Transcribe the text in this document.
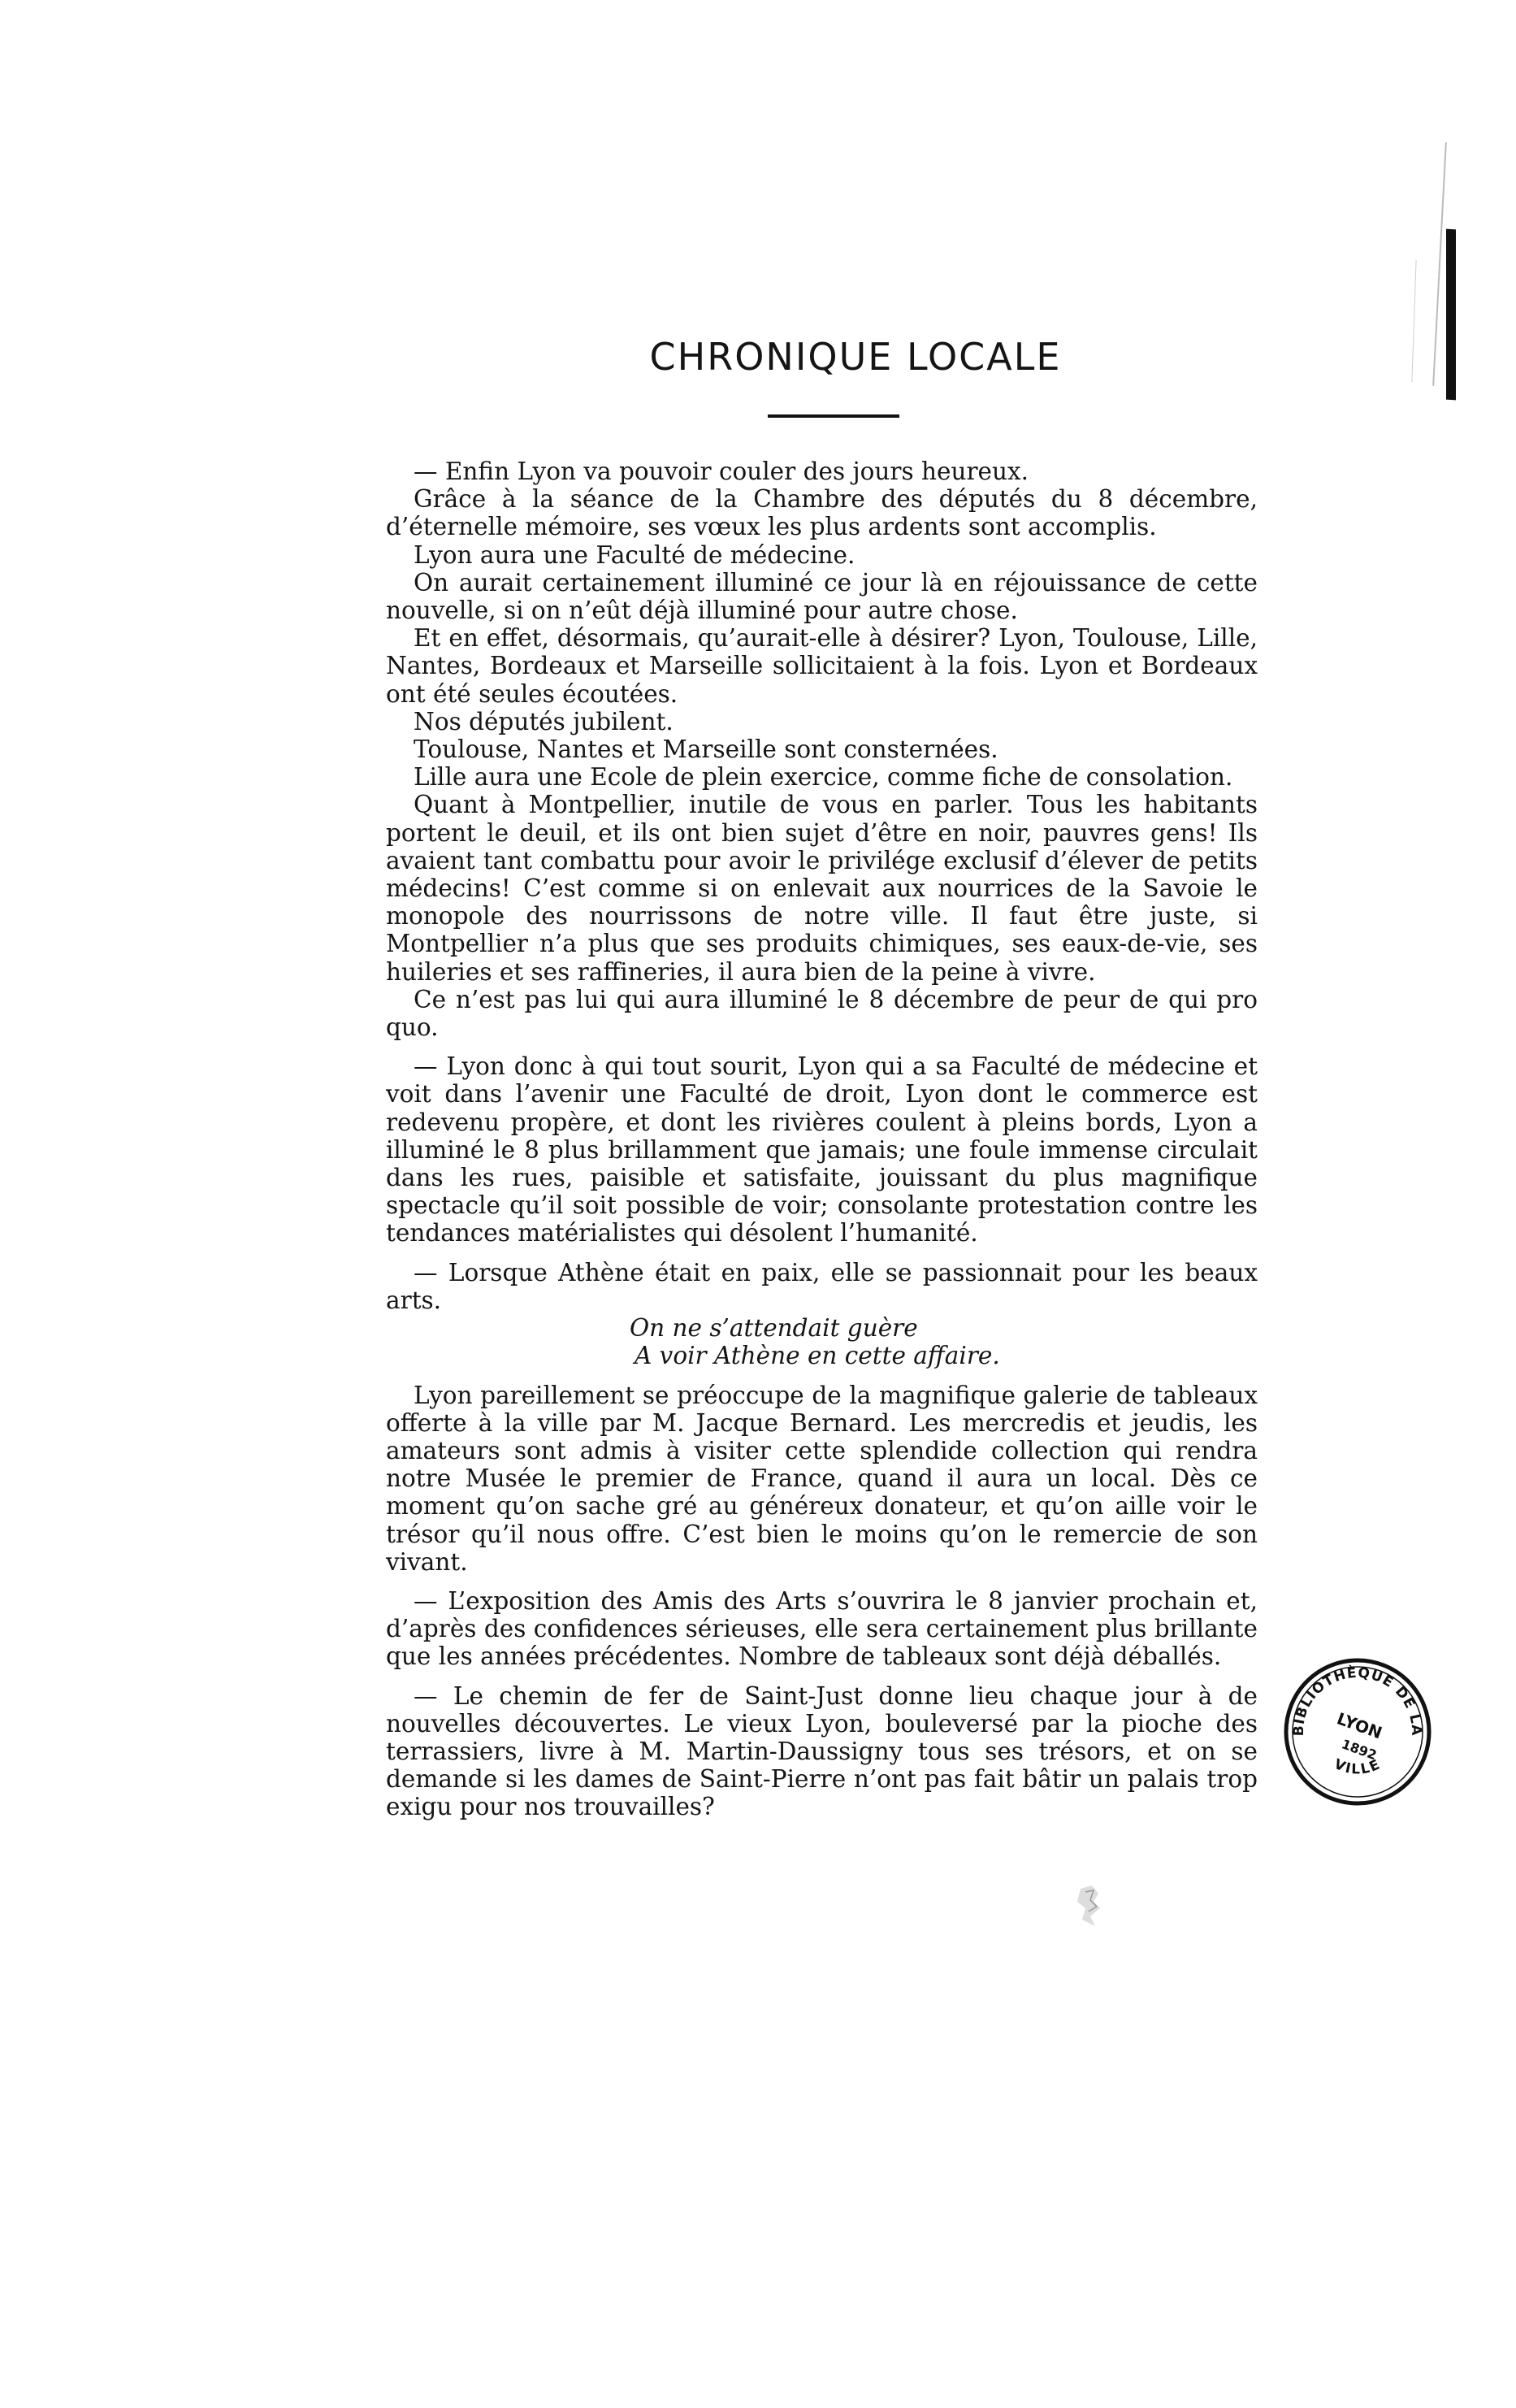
CHRONIQUE LOCALE

— Enfin Lyon va pouvoir couler des jours heureux.

Grâce à la séance de la Chambre des députés du 8 décembre, d’éternelle mémoire, ses vœux les plus ardents sont accomplis.

Lyon aura une Faculté de médecine.

On aurait certainement illuminé ce jour là en réjouissance de cette nouvelle, si on n’eût déjà illuminé pour autre chose.

Et en effet, désormais, qu’aurait-elle à désirer? Lyon, Toulouse, Lille, Nantes, Bordeaux et Marseille sollicitaient à la fois. Lyon et Bordeaux ont été seules écoutées.

Nos députés jubilent.

Toulouse, Nantes et Marseille sont consternées.

Lille aura une Ecole de plein exercice, comme fiche de consolation.

Quant à Montpellier, inutile de vous en parler. Tous les habitants portent le deuil, et ils ont bien sujet d’être en noir, pauvres gens! Ils avaient tant combattu pour avoir le privilége exclusif d’élever de petits médecins! C’est comme si on enlevait aux nourrices de la Savoie le monopole des nourrissons de notre ville. Il faut être juste, si Montpellier n’a plus que ses produits chimiques, ses eaux-de-vie, ses huileries et ses raffineries, il aura bien de la peine à vivre.

Ce n’est pas lui qui aura illuminé le 8 décembre de peur de qui pro quo.

— Lyon donc à qui tout sourit, Lyon qui a sa Faculté de médecine et voit dans l’avenir une Faculté de droit, Lyon dont le commerce est redevenu propère, et dont les rivières coulent à pleins bords, Lyon a illuminé le 8 plus brillamment que jamais; une foule immense circulait dans les rues, paisible et satisfaite, jouissant du plus magnifique spectacle qu’il soit possible de voir; consolante protestation contre les tendances matérialistes qui désolent l’humanité.

— Lorsque Athène était en paix, elle se passionnait pour les beaux arts.

On ne s’attendait guère
A voir Athène en cette affaire.

Lyon pareillement se préoccupe de la magnifique galerie de tableaux offerte à la ville par M. Jacque Bernard. Les mercredis et jeudis, les amateurs sont admis à visiter cette splendide collection qui rendra notre Musée le premier de France, quand il aura un local. Dès ce moment qu’on sache gré au généreux donateur, et qu’on aille voir le trésor qu’il nous offre. C’est bien le moins qu’on le remercie de son vivant.

— L’exposition des Amis des Arts s’ouvrira le 8 janvier prochain et, d’après des confidences sérieuses, elle sera certainement plus brillante que les années précédentes. Nombre de tableaux sont déjà déballés.

— Le chemin de fer de Saint-Just donne lieu chaque jour à de nouvelles découvertes. Le vieux Lyon, bouleversé par la pioche des terrassiers, livre à M. Martin-Daussigny tous ses trésors, et on se demande si les dames de Saint-Pierre n’ont pas fait bâtir un palais trop exigu pour nos trouvailles?

BIBLIOTHÈQUE DE LA
VILLE
LYON
1892
